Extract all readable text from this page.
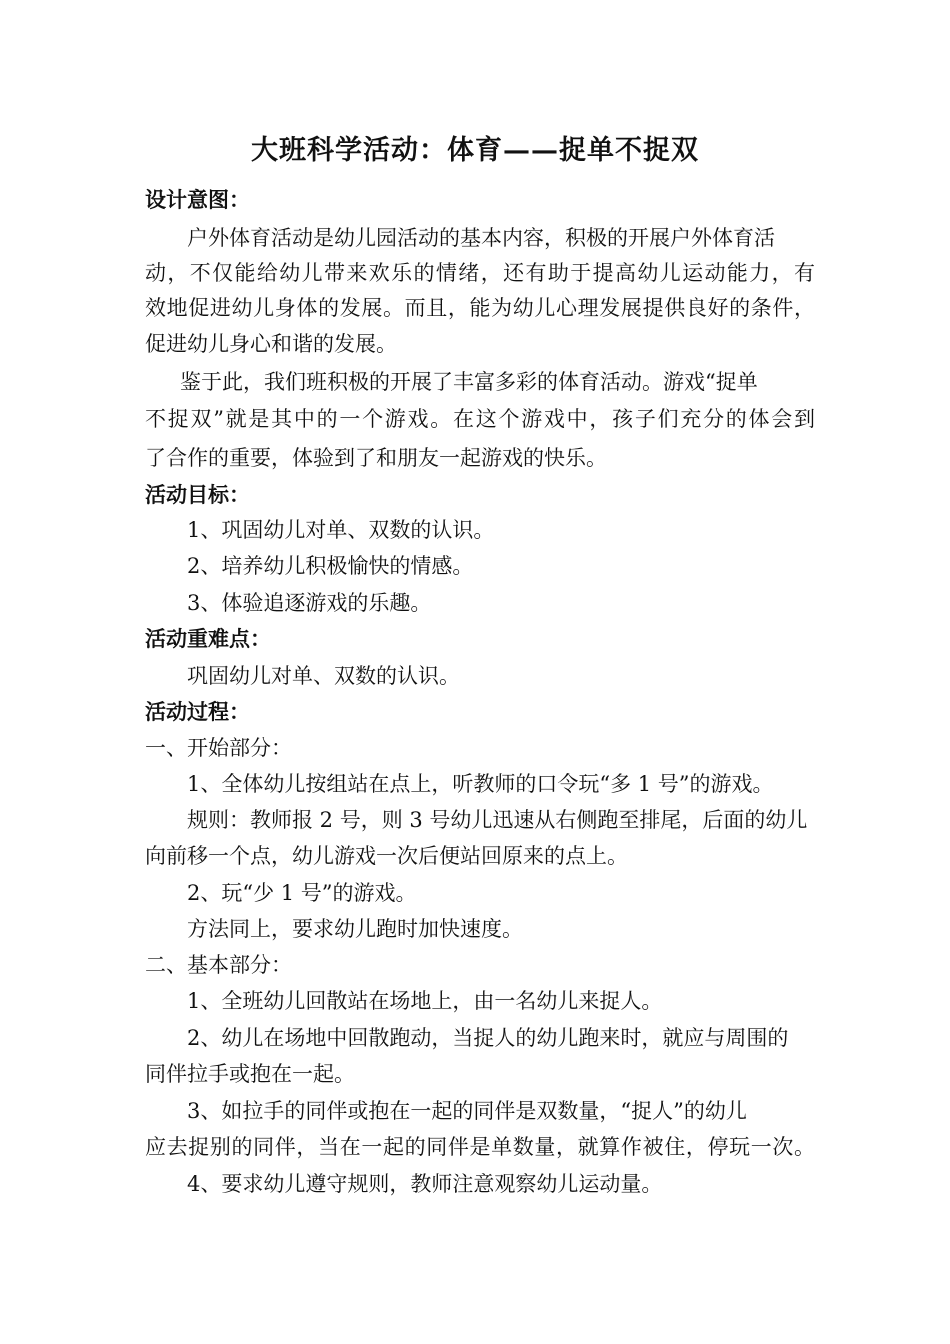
大班科学活动：体育——捉单不捉双
设计意图：
户外体育活动是幼儿园活动的基本内容，积极的开展户外体育活
动，不仅能给幼儿带来欢乐的情绪，还有助于提高幼儿运动能力，有
效地促进幼儿身体的发展。而且，能为幼儿心理发展提供良好的条件，
促进幼儿身心和谐的发展。
鉴于此，我们班积极的开展了丰富多彩的体育活动。游戏“捉单
不捉双”就是其中的一个游戏。在这个游戏中，孩子们充分的体会到
了合作的重要，体验到了和朋友一起游戏的快乐。
活动目标：
1、巩固幼儿对单、双数的认识。
2、培养幼儿积极愉快的情感。
3、体验追逐游戏的乐趣。
活动重难点：
巩固幼儿对单、双数的认识。
活动过程：
一、开始部分：
1、全体幼儿按组站在点上，听教师的口令玩“多 1 号”的游戏。
规则：教师报 2 号，则 3 号幼儿迅速从右侧跑至排尾，后面的幼儿
向前移一个点，幼儿游戏一次后便站回原来的点上。
2、玩“少 1 号”的游戏。
方法同上，要求幼儿跑时加快速度。
二、基本部分：
1、全班幼儿回散站在场地上，由一名幼儿来捉人。
2、幼儿在场地中回散跑动，当捉人的幼儿跑来时，就应与周围的
同伴拉手或抱在一起。
3、如拉手的同伴或抱在一起的同伴是双数量，“捉人”的幼儿
应去捉别的同伴，当在一起的同伴是单数量，就算作被住，停玩一次。
4、要求幼儿遵守规则，教师注意观察幼儿运动量。
